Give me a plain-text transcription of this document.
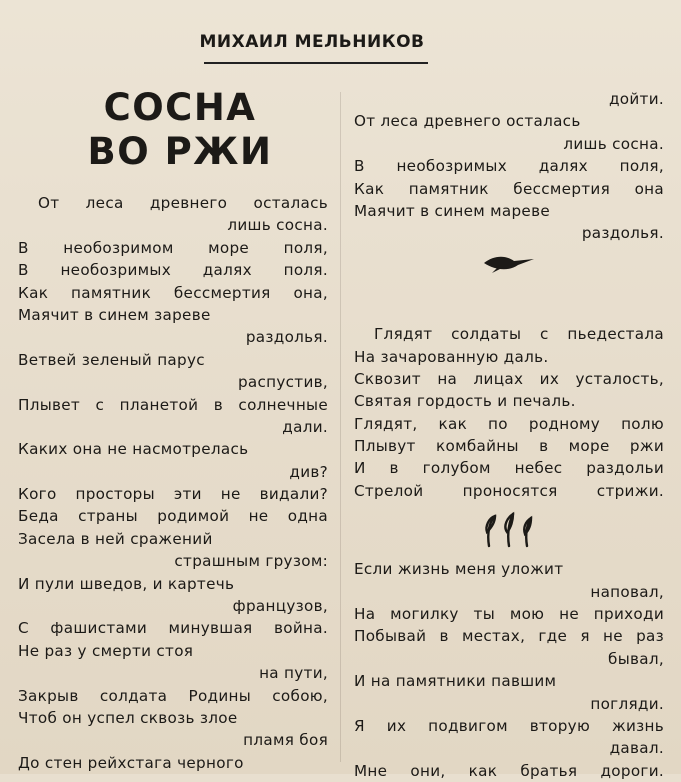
МИХАИЛ МЕЛЬНИКОВ
СОСНА
ВО РЖИ
От леса древнего осталась
лишь сосна.
В необозримом море поля,
В необозримых далях поля.
Как памятник бессмертия она,
Маячит в синем зареве
раздолья.
Ветвей зеленый парус
распустив,
Плывет с планетой в солнечные
дали.
Каких она не насмотрелась
див?
Кого просторы эти не видали?
Беда страны родимой не одна
Засела в ней сражений
страшным грузом:
И пули шведов, и картечь
французов,
С фашистами минувшая война.
Не раз у смерти стоя
на пути,
Закрыв солдата Родины собою,
Чтоб он успел сквозь злое
пламя боя
До стен рейхстага черного
дойти.
От леса древнего осталась
лишь сосна.
В необозримых далях поля,
Как памятник бессмертия она
Маячит в синем мареве
раздолья.
Глядят солдаты с пьедестала
На зачарованную даль.
Сквозит на лицах их усталость,
Святая гордость и печаль.
Глядят, как по родному полю
Плывут комбайны в море ржи
И в голубом небес раздольи
Стрелой проносятся стрижи.
Если жизнь меня уложит
наповал,
На могилку ты мою не приходи
Побывай в местах, где я не раз
бывал,
И на памятники павшим
погляди.
Я их подвигом вторую жизнь
давал.
Мне они, как братья дороги.
